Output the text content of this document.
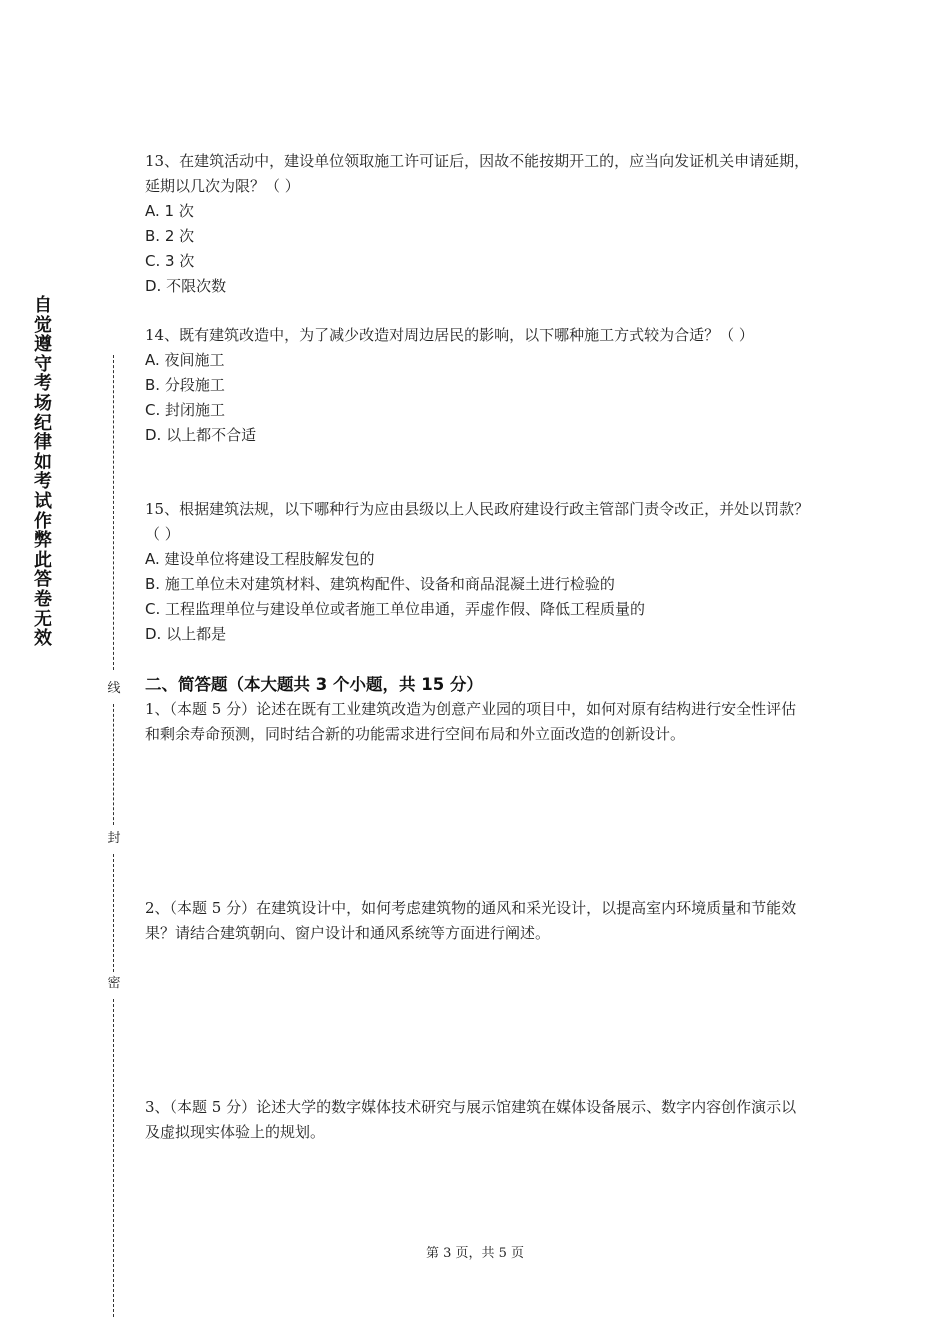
自觉遵守考场纪律如考试作弊此答卷无效
线
封
密

13、在建筑活动中，建设单位领取施工许可证后，因故不能按期开工的，应当向发证机关申请延期，延期以几次为限？（ ）

A. 1 次

B. 2 次

C. 3 次

D. 不限次数

14、既有建筑改造中，为了减少改造对周边居民的影响，以下哪种施工方式较为合适？（ ）

A. 夜间施工

B. 分段施工

C. 封闭施工

D. 以上都不合适

15、根据建筑法规，以下哪种行为应由县级以上人民政府建设行政主管部门责令改正，并处以罚款？（ ）

A. 建设单位将建设工程肢解发包的

B. 施工单位未对建筑材料、建筑构配件、设备和商品混凝土进行检验的

C. 工程监理单位与建设单位或者施工单位串通，弄虚作假、降低工程质量的

D. 以上都是

二、简答题（本大题共 3 个小题，共 15 分）

1、（本题 5 分）论述在既有工业建筑改造为创意产业园的项目中，如何对原有结构进行安全性评估和剩余寿命预测，同时结合新的功能需求进行空间布局和外立面改造的创新设计。

2、（本题 5 分）在建筑设计中，如何考虑建筑物的通风和采光设计，以提高室内环境质量和节能效果？请结合建筑朝向、窗户设计和通风系统等方面进行阐述。

3、（本题 5 分）论述大学的数字媒体技术研究与展示馆建筑在媒体设备展示、数字内容创作演示以及虚拟现实体验上的规划。

第 3 页，共 5 页
